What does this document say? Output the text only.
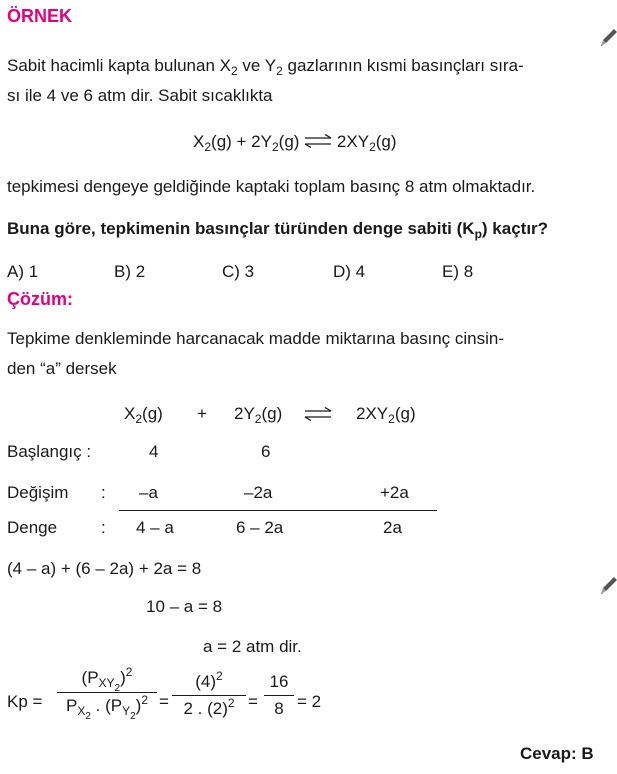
ÖRNEK
Sabit hacimli kapta bulunan $X_2$ ve $Y_2$ gazlarının kısmi basınçları sıra-
sı ile 4 ve 6 atm dir. Sabit sıcaklıkta
$X_2(g) + 2Y_2(g)$ ⇌ $2XY_2(g)$
tepkimesi dengeye geldiğinde kaptaki toplam basınç 8 atm olmaktadır.
Buna göre, tepkimenin basınçlar türünden denge sabiti $(K_p)$ kaçtır?
A) 1	B) 2	C) 3	D) 4	E) 8
Çözüm:
Tepkime denkleminde harcanacak madde miktarına basınç cinsin-
den “a” dersek
$X_2(g) + 2Y_2(g)$ ⇌ $2XY_2(g)$
Başlangıç :	4	6
Değişim : –a	–2a	+2a
Denge	: 4 – a	6 – 2a	2a
(4 – a) + (6 – 2a) + 2a = 8
10 – a = 8
a = 2 atm dir.
Kp =
$(P_{XY_2})^2$
$P_{X_2}$ . $(P_{Y_2})^2$ =
$(4)^2$
2 . $(2)^2$ =
16
8 = 2
Cevap: B
